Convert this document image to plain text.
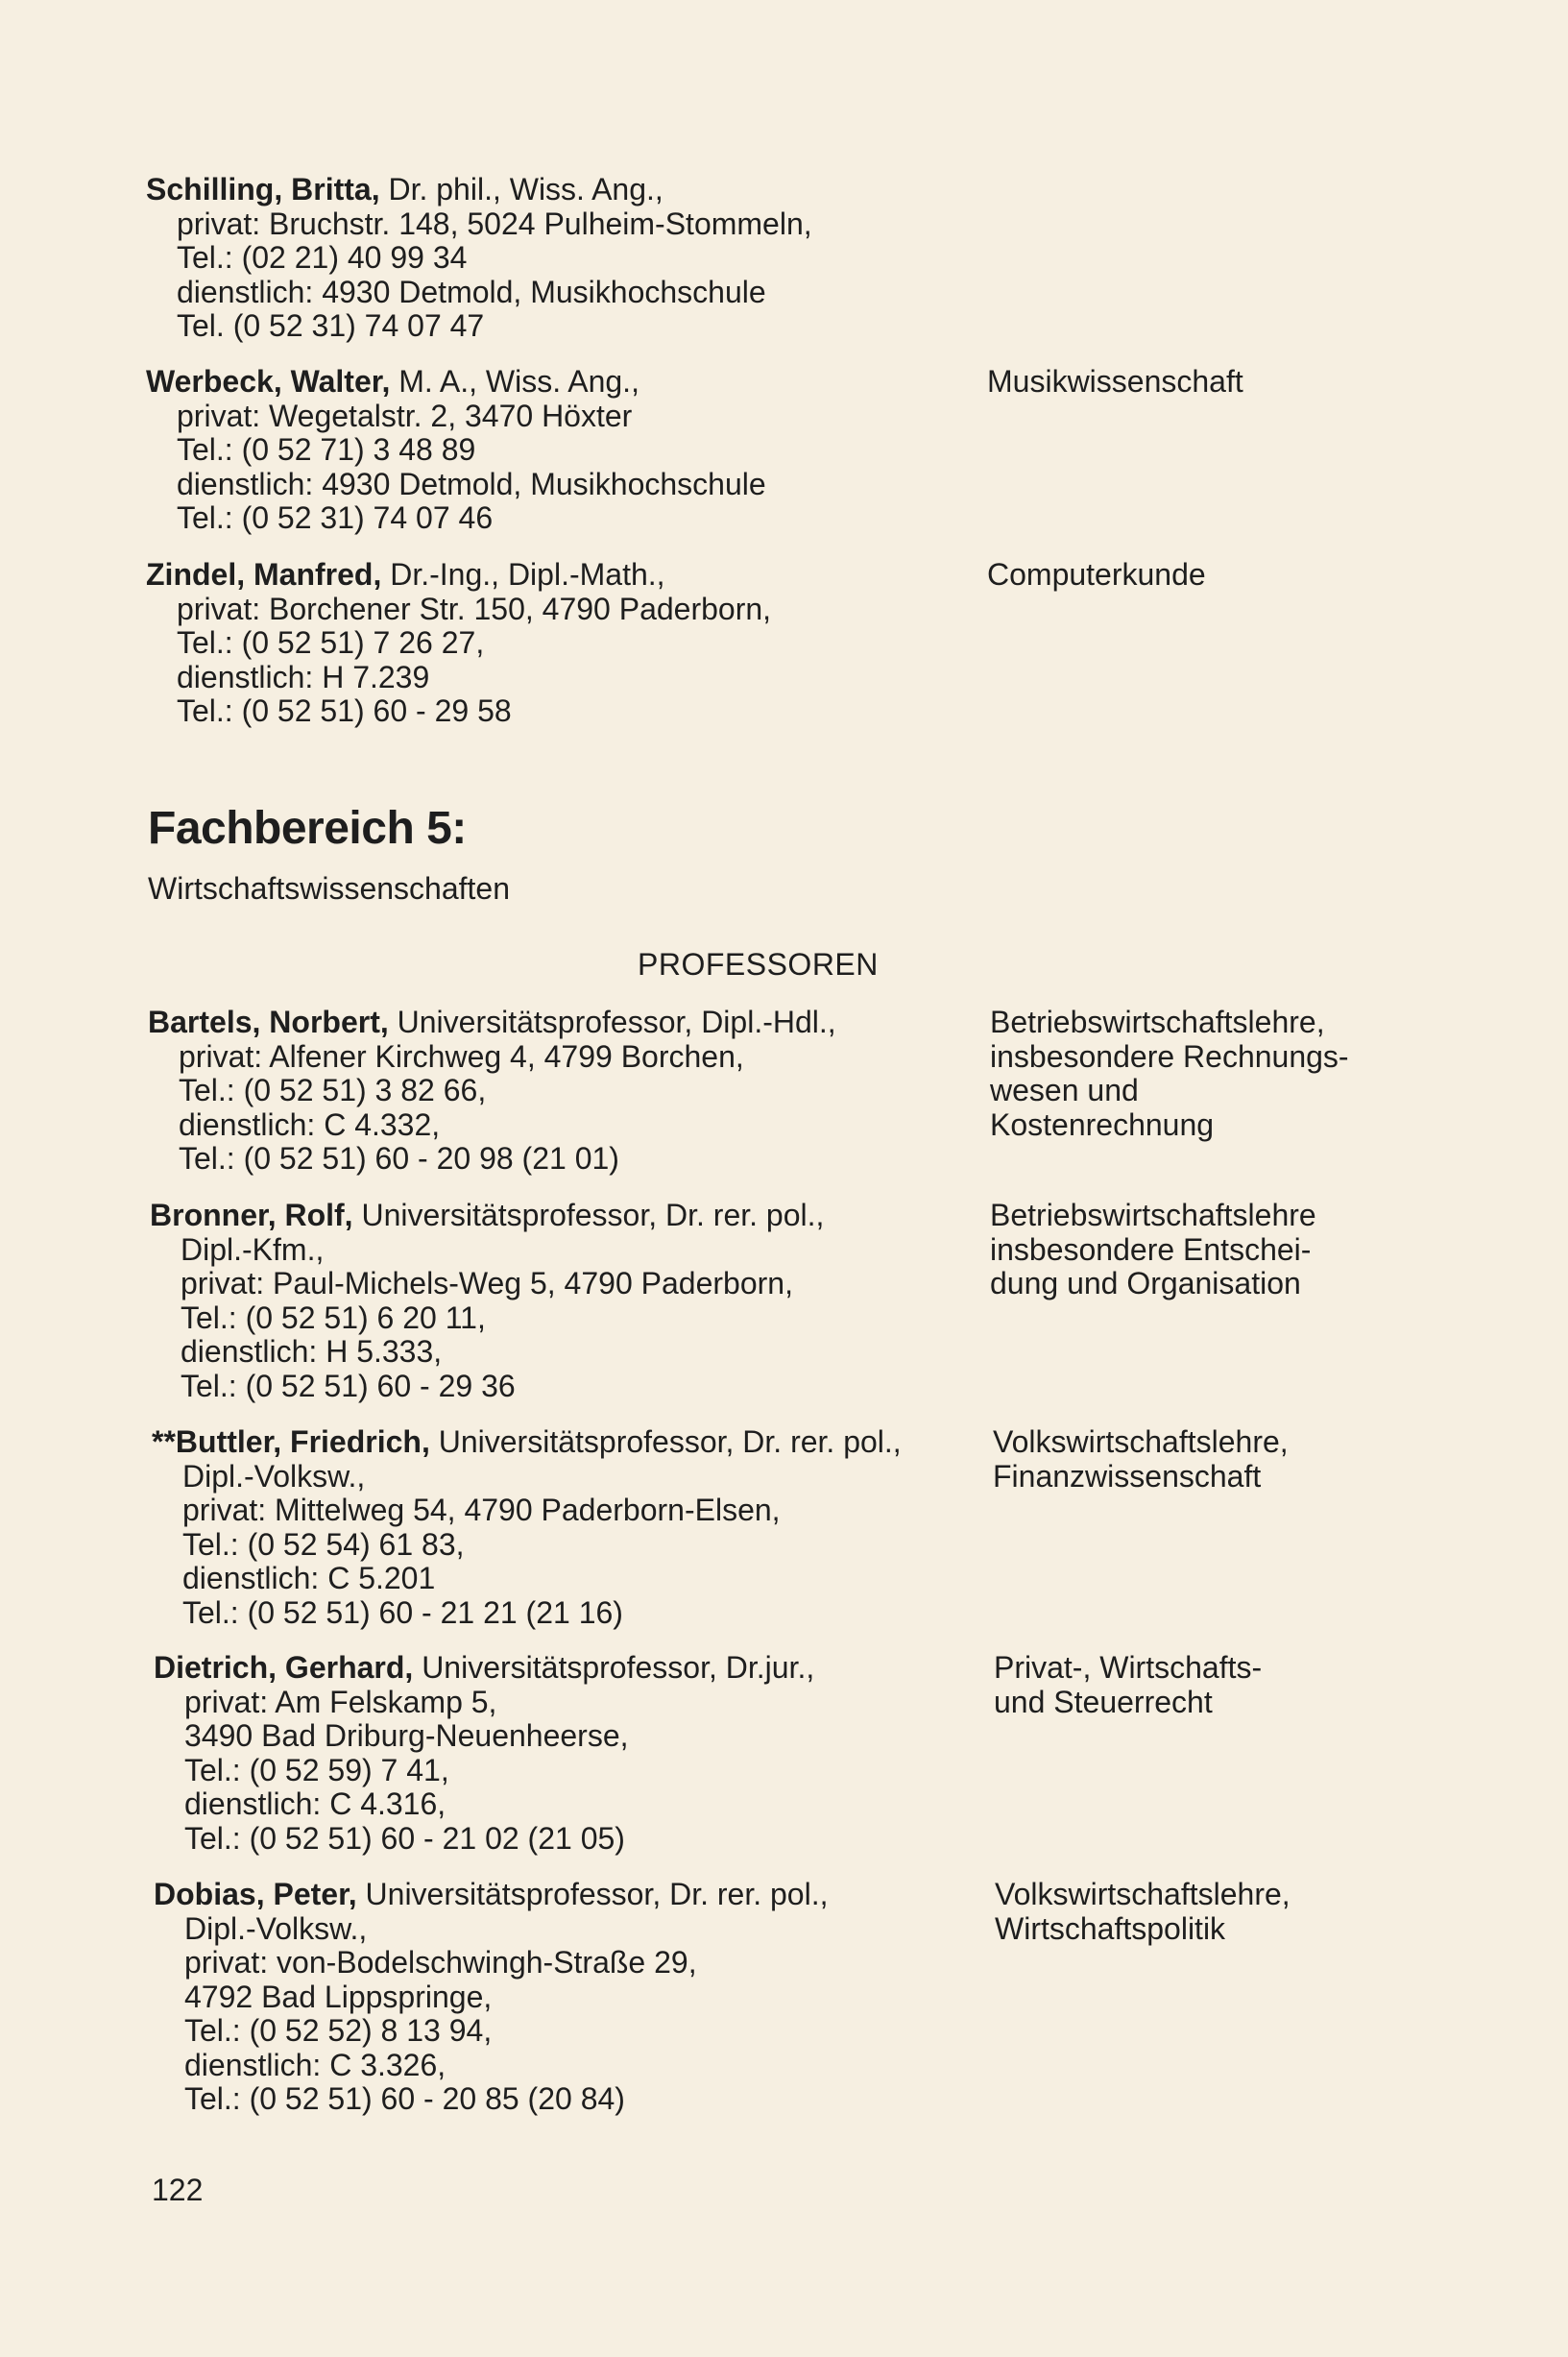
Schilling, Britta, Dr. phil., Wiss. Ang.,
privat: Bruchstr. 148, 5024 Pulheim-Stommeln,
Tel.: (02 21) 40 99 34
dienstlich: 4930 Detmold, Musikhochschule
Tel. (0 52 31) 74 07 47
Werbeck, Walter, M. A., Wiss. Ang.,
privat: Wegetalstr. 2, 3470 Höxter
Tel.: (0 52 71) 3 48 89
dienstlich: 4930 Detmold, Musikhochschule
Tel.: (0 52 31) 74 07 46
Musikwissenschaft
Zindel, Manfred, Dr.-Ing., Dipl.-Math.,
privat: Borchener Str. 150, 4790 Paderborn,
Tel.: (0 52 51) 7 26 27,
dienstlich: H 7.239
Tel.: (0 52 51) 60 - 29 58
Computerkunde
Fachbereich 5:
Wirtschaftswissenschaften
PROFESSOREN
Bartels, Norbert, Universitätsprofessor, Dipl.-Hdl.,
privat: Alfener Kirchweg 4, 4799 Borchen,
Tel.: (0 52 51) 3 82 66,
dienstlich: C 4.332,
Tel.: (0 52 51) 60 - 20 98 (21 01)
Betriebswirtschaftslehre,
insbesondere Rechnungs-
wesen und
Kostenrechnung
Bronner, Rolf, Universitätsprofessor, Dr. rer. pol.,
Dipl.-Kfm.,
privat: Paul-Michels-Weg 5, 4790 Paderborn,
Tel.: (0 52 51) 6 20 11,
dienstlich: H 5.333,
Tel.: (0 52 51) 60 - 29 36
Betriebswirtschaftslehre
insbesondere Entschei-
dung und Organisation
**Buttler, Friedrich, Universitätsprofessor, Dr. rer. pol.,
Dipl.-Volksw.,
privat: Mittelweg 54, 4790 Paderborn-Elsen,
Tel.: (0 52 54) 61 83,
dienstlich: C 5.201
Tel.: (0 52 51) 60 - 21 21 (21 16)
Volkswirtschaftslehre,
Finanzwissenschaft
Dietrich, Gerhard, Universitätsprofessor, Dr.jur.,
privat: Am Felskamp 5,
3490 Bad Driburg-Neuenheerse,
Tel.: (0 52 59) 7 41,
dienstlich: C 4.316,
Tel.: (0 52 51) 60 - 21 02 (21 05)
Privat-, Wirtschafts-
und Steuerrecht
Dobias, Peter, Universitätsprofessor, Dr. rer. pol.,
Dipl.-Volksw.,
privat: von-Bodelschwingh-Straße 29,
4792 Bad Lippspringe,
Tel.: (0 52 52) 8 13 94,
dienstlich: C 3.326,
Tel.: (0 52 51) 60 - 20 85 (20 84)
Volkswirtschaftslehre,
Wirtschaftspolitik
122
